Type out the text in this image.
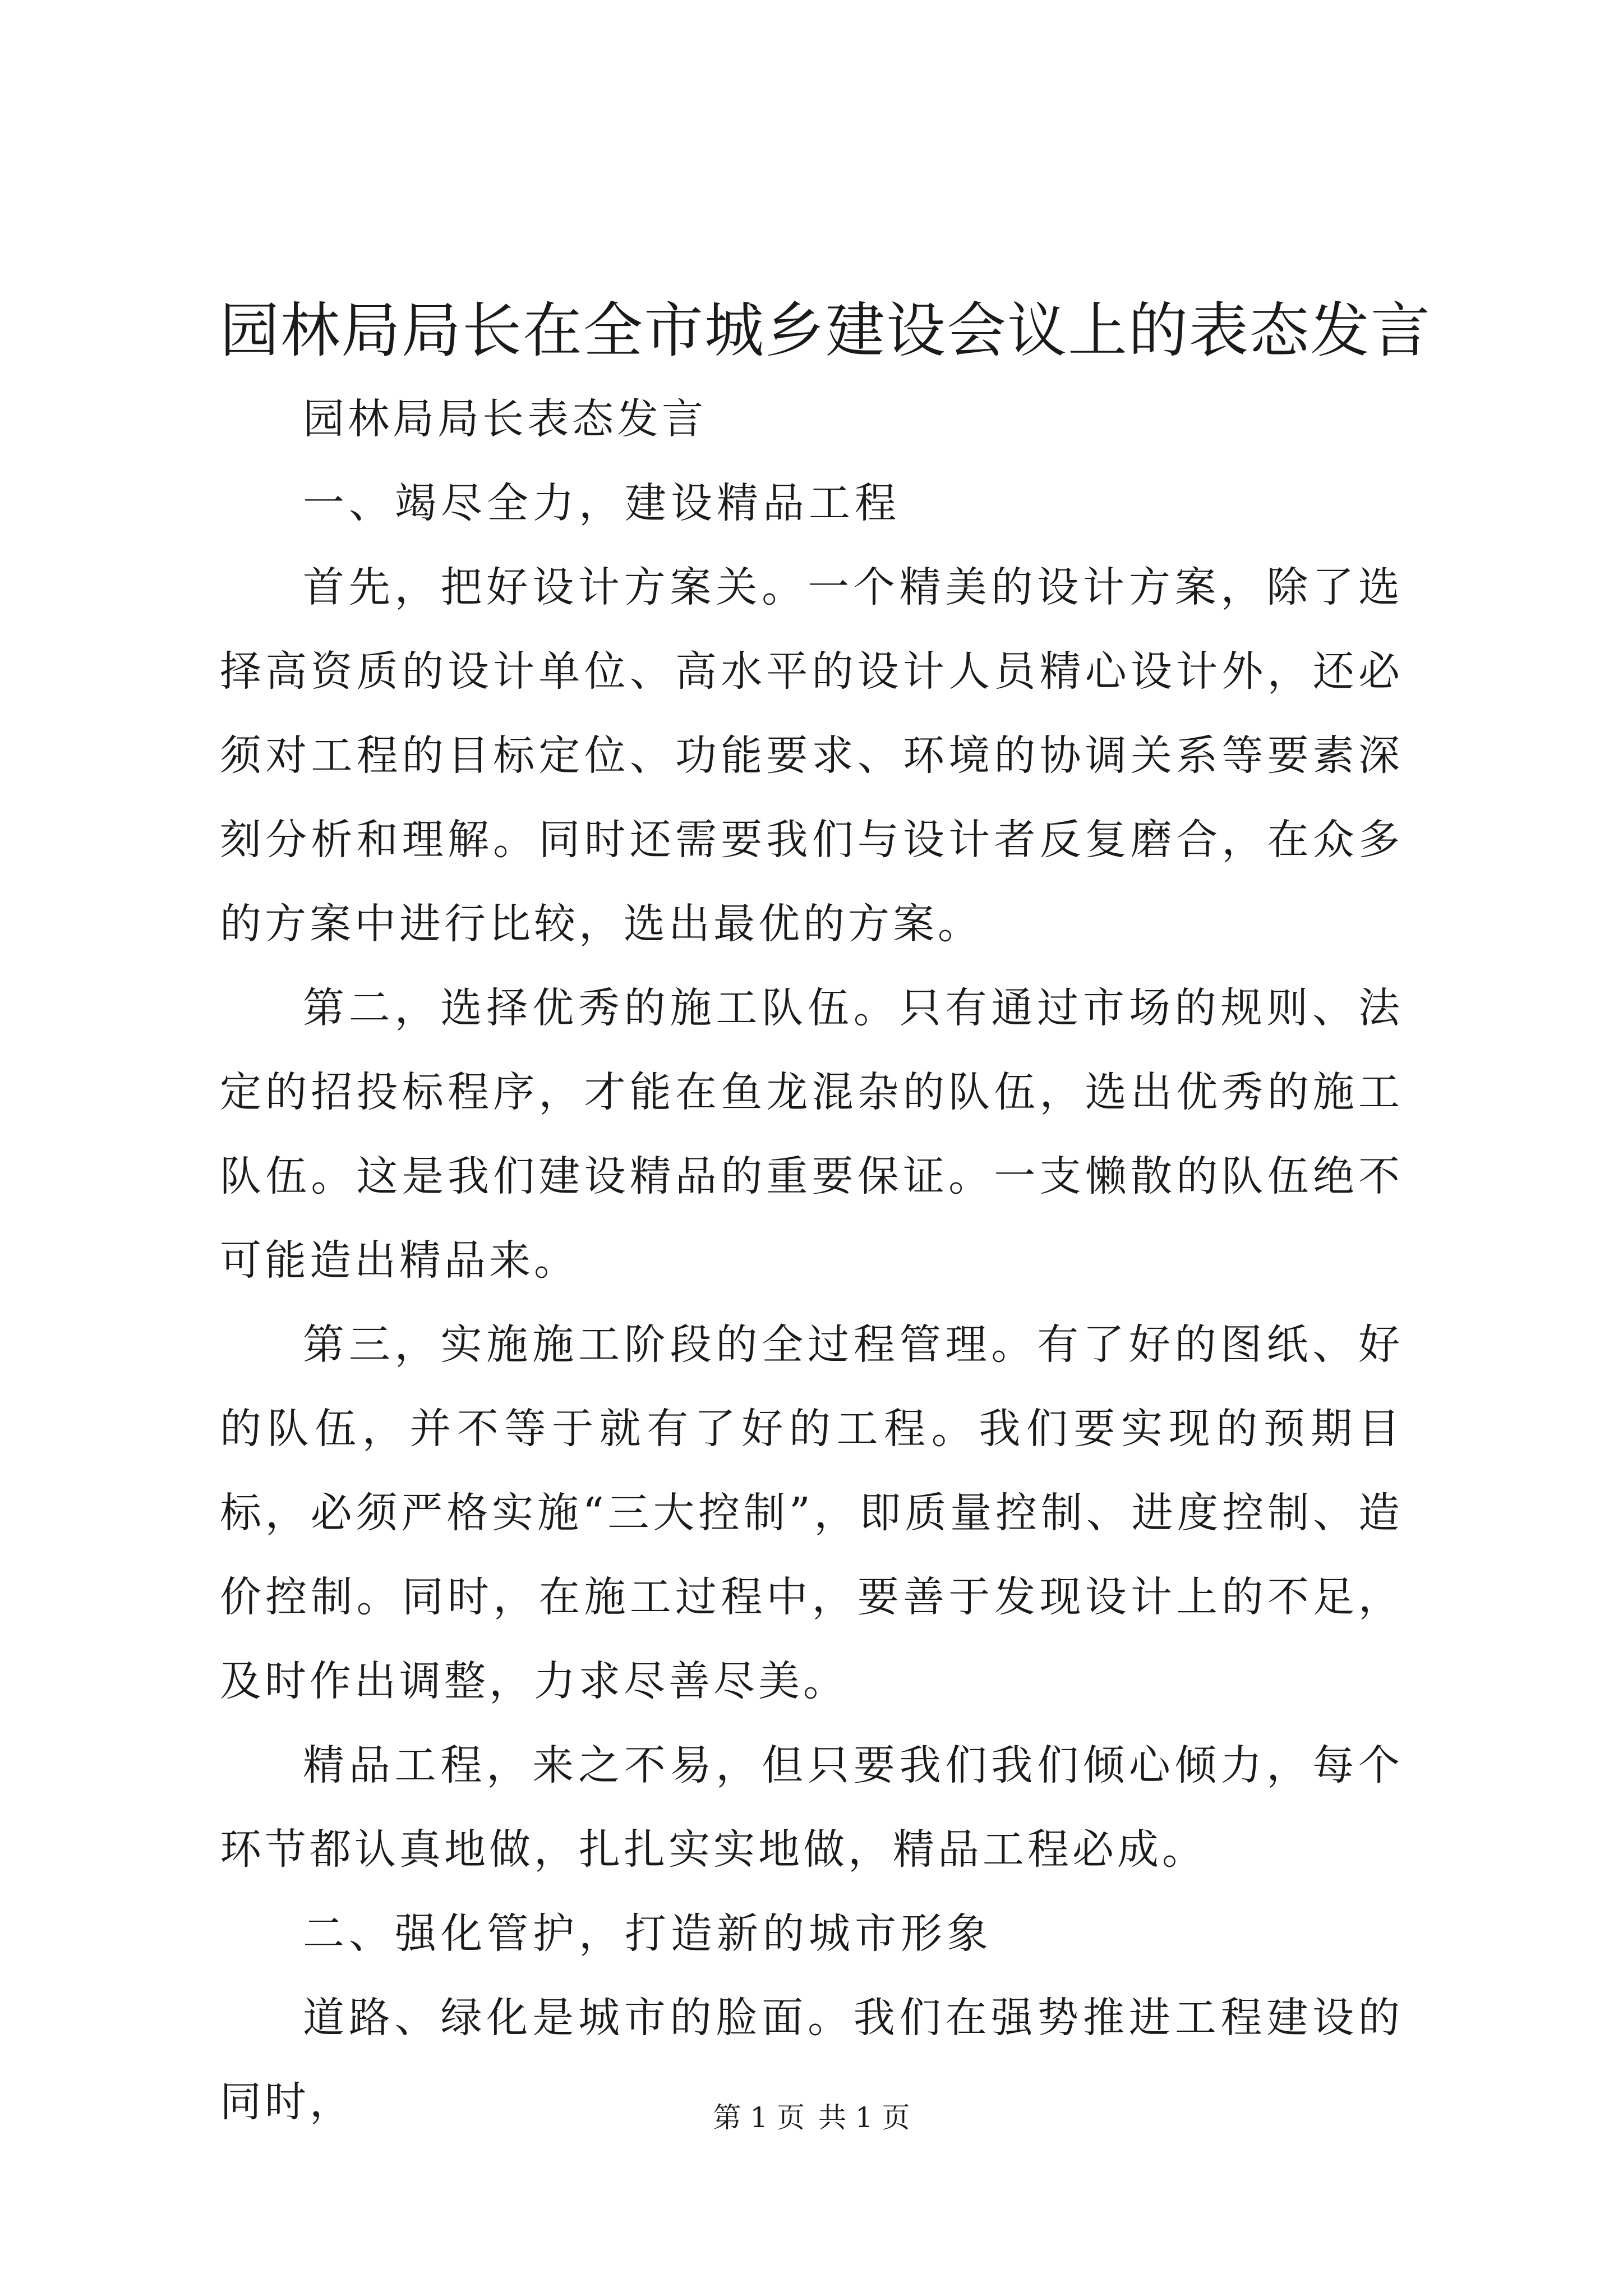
园林局局长在全市城乡建设会议上的表态发言

园林局局长表态发言

一、竭尽全力，建设精品工程

首先，把好设计方案关。一个精美的设计方案，除了选择高资质的设计单位、高水平的设计人员精心设计外，还必须对工程的目标定位、功能要求、环境的协调关系等要素深刻分析和理解。同时还需要我们与设计者反复磨合，在众多的方案中进行比较，选出最优的方案。

第二，选择优秀的施工队伍。只有通过市场的规则、法定的招投标程序，才能在鱼龙混杂的队伍，选出优秀的施工队伍。这是我们建设精品的重要保证。一支懒散的队伍绝不可能造出精品来。

第三，实施施工阶段的全过程管理。有了好的图纸、好的队伍，并不等于就有了好的工程。我们要实现的预期目标，必须严格实施“三大控制”，即质量控制、进度控制、造价控制。同时，在施工过程中，要善于发现设计上的不足，及时作出调整，力求尽善尽美。

精品工程，来之不易，但只要我们我们倾心倾力，每个环节都认真地做，扎扎实实地做，精品工程必成。

二、强化管护，打造新的城市形象

道路、绿化是城市的脸面。我们在强势推进工程建设的同时，	第 1 页 共 1 页
